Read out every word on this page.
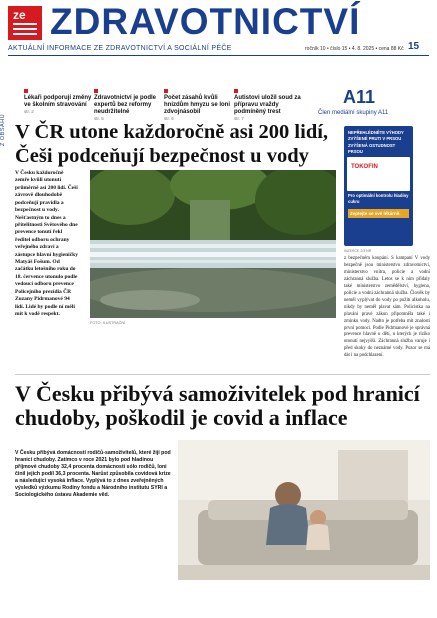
ze ZDRAVOTNICTVÍ
AKTUÁLNÍ INFORMACE ZE ZDRAVOTNICTVÍ A SOCIÁLNÍ PÉČE	ročník 10 • číslo 15 • 4. 8. 2025 • cena 88 Kč 15
Z OBSAHU
Lékaři podporují změny ve školním stravování
str. 2
Zdravotnictví je podle expertů bez reformy neudržitelné
str. 5
Počet zásahů kvůli hnízdům hmyzu se loni zdvojnásobil
str. 6
Autistovi uložil soud za přípravu vraždy podmíněný trest
str. 7
A11
Člen mediální skupiny A11
NEPŘEHLÉDNĚTE VÝHODY
ZVÝŠENÉ PRUTI V PRSOU
ZVÝŠENÁ OSTUDNOST PRSOU
TOKOFIN
Pro optimální kontrolu hladiny cukru
Zeptejte se své lékárně.
INZERCE 2/3 NR
V ČR utone každoročně asi 200 lidí, Češi podceňují bezpečnost u vody
V Česku každoročně zemře kvůli utonutí průměrně asi 200 lidí. Češi závrově dlouhodobě podceňují pravidla a bezpečnost u vody. Nešťastným to dnes a přítelitnosti Světového dne prevence tonutí řekl ředitel odboru ochrany veřejného zdraví a zástupce hlavní hygieničky Matyáš Fošum. Od začátku letošního roku do 18. července utonulo podle vedoucí odboru prevence Policejního prezídia ČR Zuzany Pidrmanové 94 lidí. Lidé by podle ní měli mít k vodě respekt.
FOTO: ILUSTRAČNÍ
z bezpečném koupání. S kampaní V vody bezpečně jsou ministerstvo zdravotnictví, ministerstvo vnitra, policie a vodní záchranná služba. Letos se k nim přidaly také ministerstvo zemědělství, hygiena, policie a vodní záchranná služba. Člověk by neměl vyplývat do vody po požití alkoholu, nikdy by neměl plavat sám. Policistka na plavání pravé zákon připomněla také i zmínku vody. Nadto je potřeba mít znalosti první pomoci. Podle Pidrmanové je správná prevence hlavně u dětí, u kterých je riziko utonutí nejvyšší. Záchranná služba varuje i před skoky do neznámé vody. Pozor se má dát i na podchlazení.
V Česku přibývá samoživitelek pod hranicí chudoby, poškodil je covid a inflace
V Česku přibývá domácností rodičů-samoživitelů, které žijí pod hranicí chudoby. Zatímco v roce 2021 bylo pod hladinou příjmové chudoby 32,4 procenta domácností sólo rodičů, loni činil jejich podíl 36,3 procenta. Narůst způsobila covidová krize a následující vysoká inflace. Vyplývá to z dnes zveřejněných výsledků výzkumu Rodiny fondu a Národního institutu SYRI a Sociologického ústavu Akademie věd.
